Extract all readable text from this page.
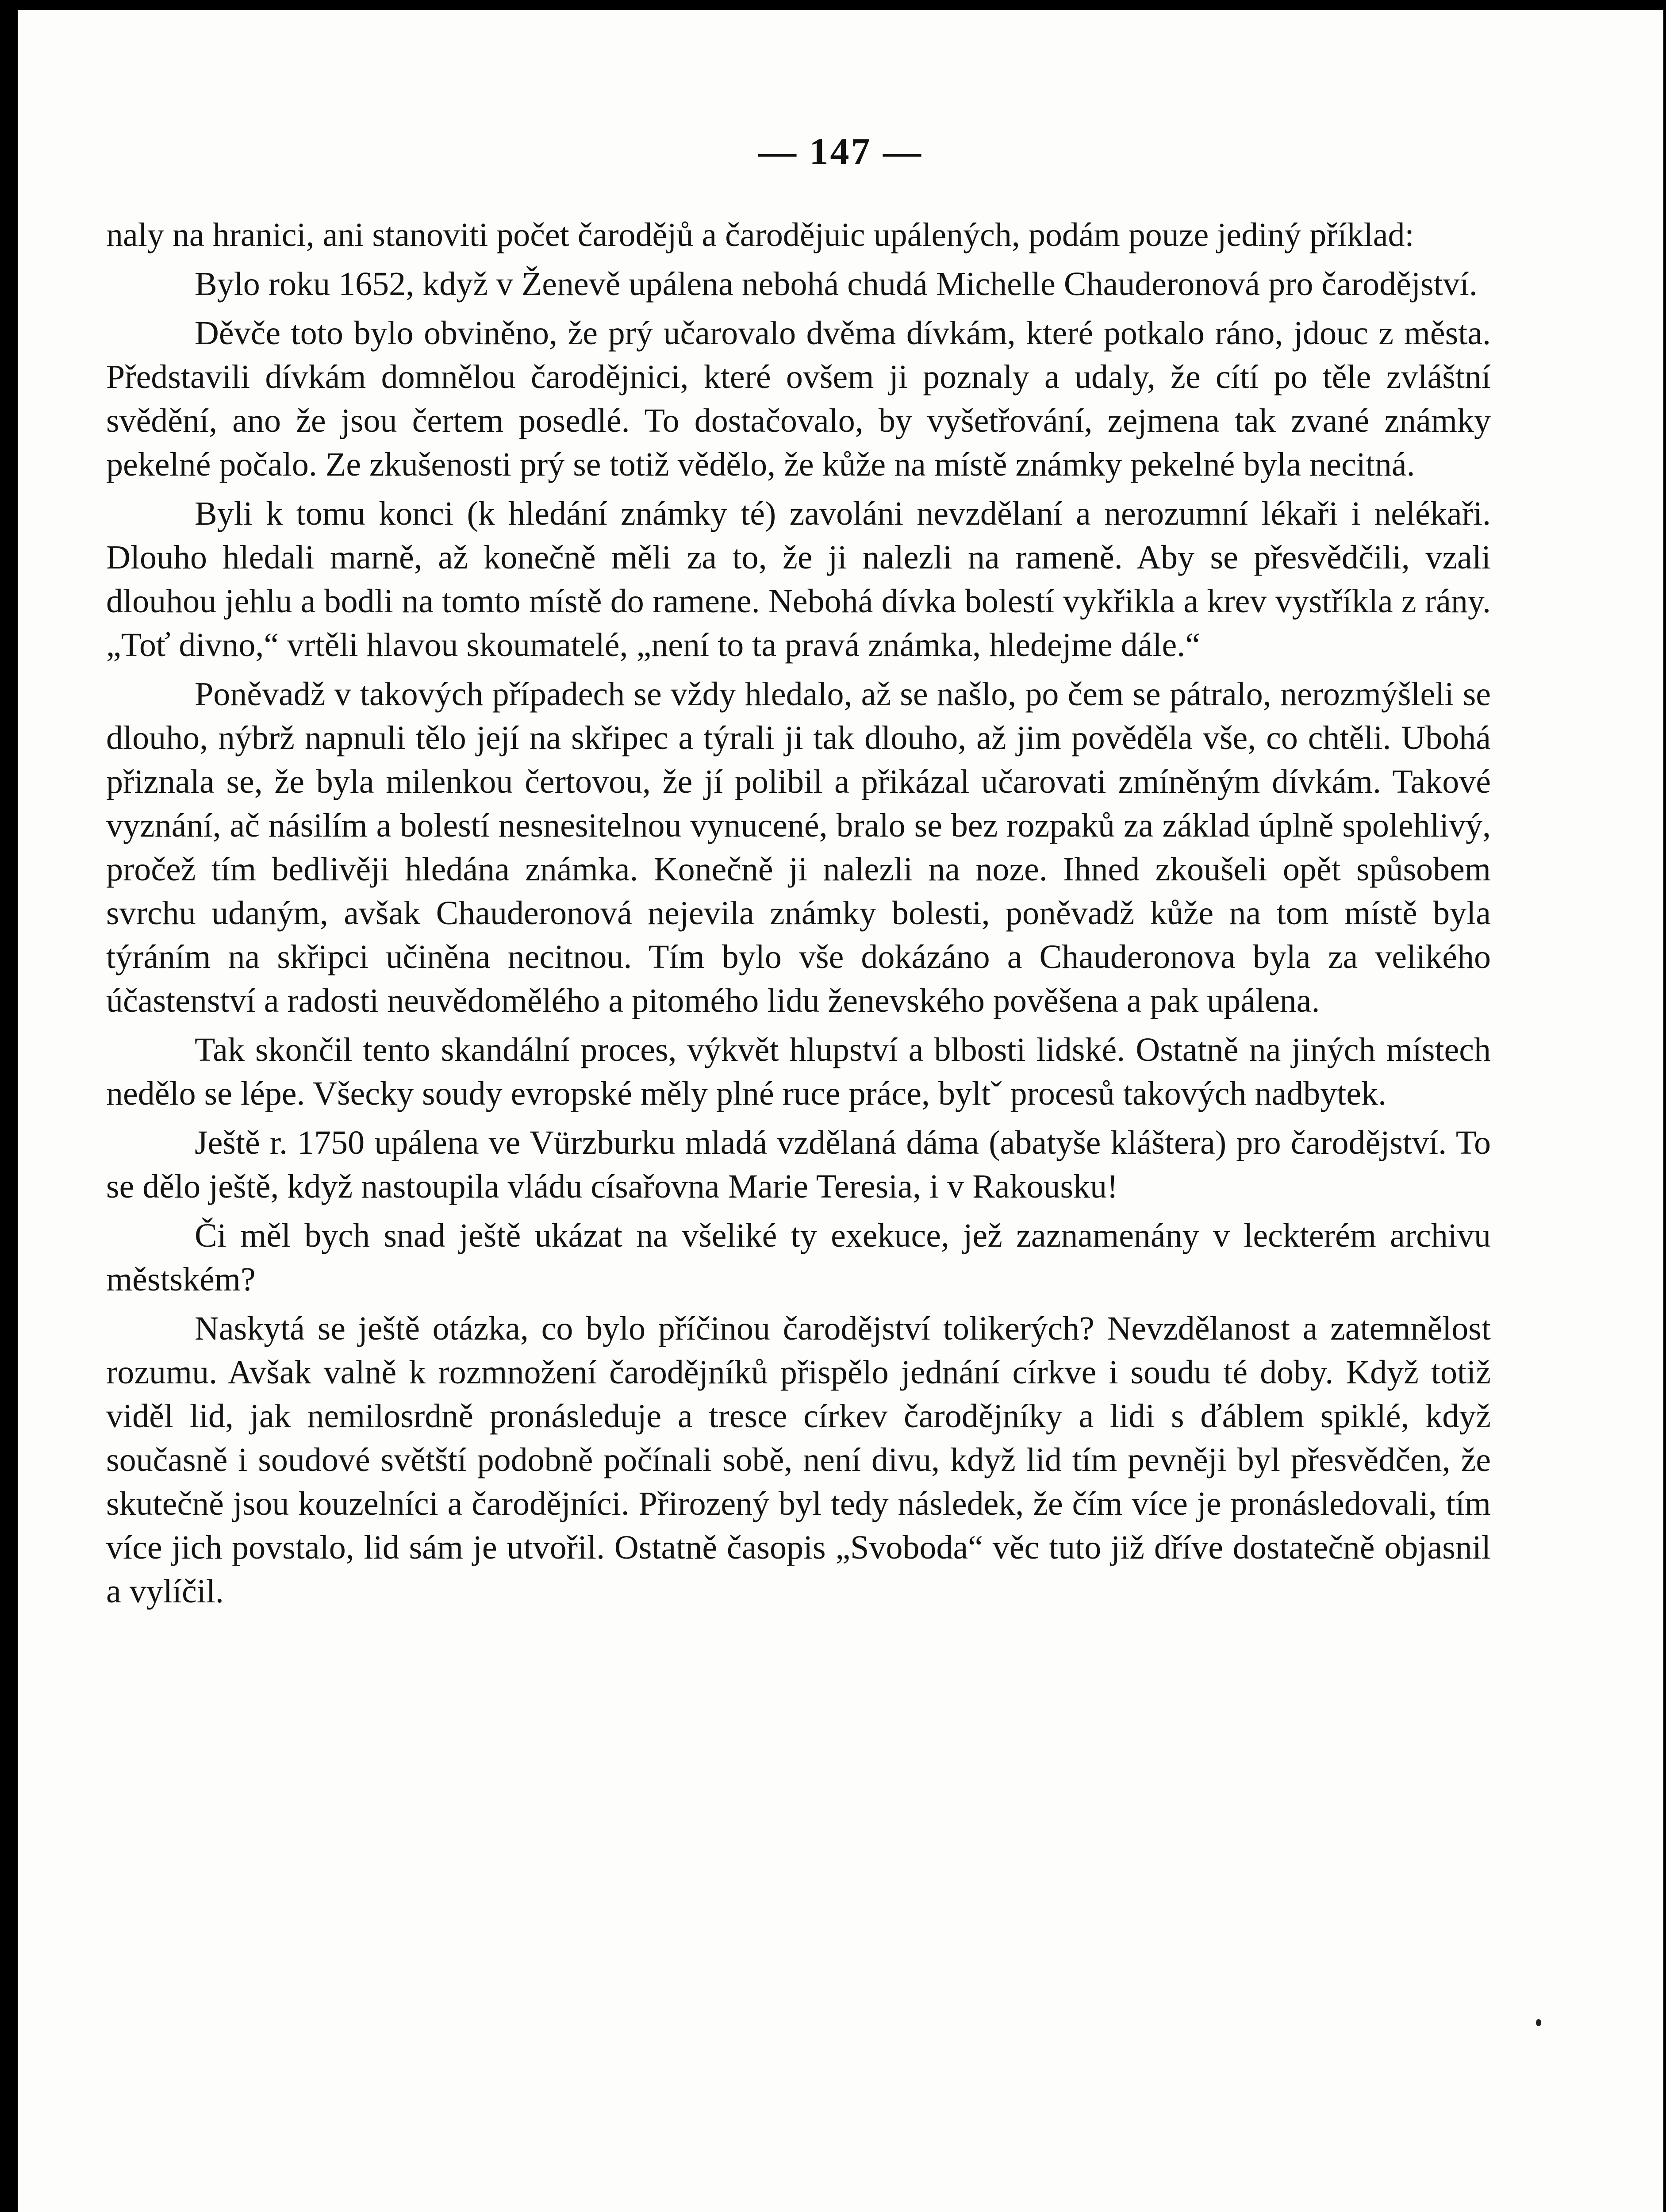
— 147 —

naly na hranici, ani stanoviti počet čarodějů a čarodějuic upálených, podám pouze jediný příklad:

Bylo roku 1652, když v Ženevě upálena nebohá chudá Michelle Chauderonová pro čarodějství.

Děvče toto bylo obviněno, že prý učarovalo dvěma dívkám, které potkalo ráno, jdouc z města. Představili dívkám domnělou čarodějnici, které ovšem ji poznaly a udaly, že cítí po těle zvláštní svědění, ano že jsou čertem posedlé. To dostačovalo, by vyšetřování, zejmena tak zvané známky pekelné počalo. Ze zkušenosti prý se totiž vědělo, že kůže na místě známky pekelné byla necitná.

Byli k tomu konci (k hledání známky té) zavoláni nevzdělaní a nerozumní lékaři i nelékaři. Dlouho hledali marně, až konečně měli za to, že ji nalezli na rameně. Aby se přesvědčili, vzali dlouhou jehlu a bodli na tomto místě do ramene. Nebohá dívka bolestí vykřikla a krev vystříkla z rány. „Toť divno,“ vrtěli hlavou skoumatelé, „není to ta pravá známka, hledejme dále.“

Poněvadž v takových případech se vždy hledalo, až se našlo, po čem se pátralo, nerozmýšleli se dlouho, nýbrž napnuli tělo její na skřipec a týrali ji tak dlouho, až jim pověděla vše, co chtěli. Ubohá přiznala se, že byla milenkou čertovou, že jí polibil a přikázal učarovati zmíněným dívkám. Takové vyznání, ač násilím a bolestí nesnesitelnou vynucené, bralo se bez rozpaků za základ úplně spolehlivý, pročež tím bedlivěji hledána známka. Konečně ji nalezli na noze. Ihned zkoušeli opět spůsobem svrchu udaným, avšak Chauderonová nejevila známky bolesti, poněvadž kůže na tom místě byla týráním na skřipci učiněna necitnou. Tím bylo vše dokázáno a Chauderonova byla za velikého účastenství a radosti neuvědomělého a pitomého lidu ženevského pověšena a pak upálena.

Tak skončil tento skandální proces, výkvět hlupství a blbosti lidské. Ostatně na jiných místech nedělo se lépe. Všecky soudy evropské měly plné ruce práce, byltˇ procesů takových nadbytek.

Ještě r. 1750 upálena ve Vürzburku mladá vzdělaná dáma (abatyše kláštera) pro čarodějství. To se dělo ještě, když nastoupila vládu císařovna Marie Teresia, i v Rakousku!

Či měl bych snad ještě ukázat na všeliké ty exekuce, jež zaznamenány v leckterém archivu městském?

Naskytá se ještě otázka, co bylo příčinou čarodějství tolikerých? Nevzdělanost a zatemnělost rozumu. Avšak valně k rozmnožení čarodějníků přispělo jednání církve i soudu té doby. Když totiž viděl lid, jak nemilosrdně pronásleduje a tresce církev čarodějníky a lidi s ďáblem spiklé, když současně i soudové světští podobně počínali sobě, není divu, když lid tím pevněji byl přesvědčen, že skutečně jsou kouzelníci a čarodějníci. Přirozený byl tedy následek, že čím více je pronásledovali, tím více jich povstalo, lid sám je utvořil. Ostatně časopis „Svoboda“ věc tuto již dříve dostatečně objasnil a vylíčil.
